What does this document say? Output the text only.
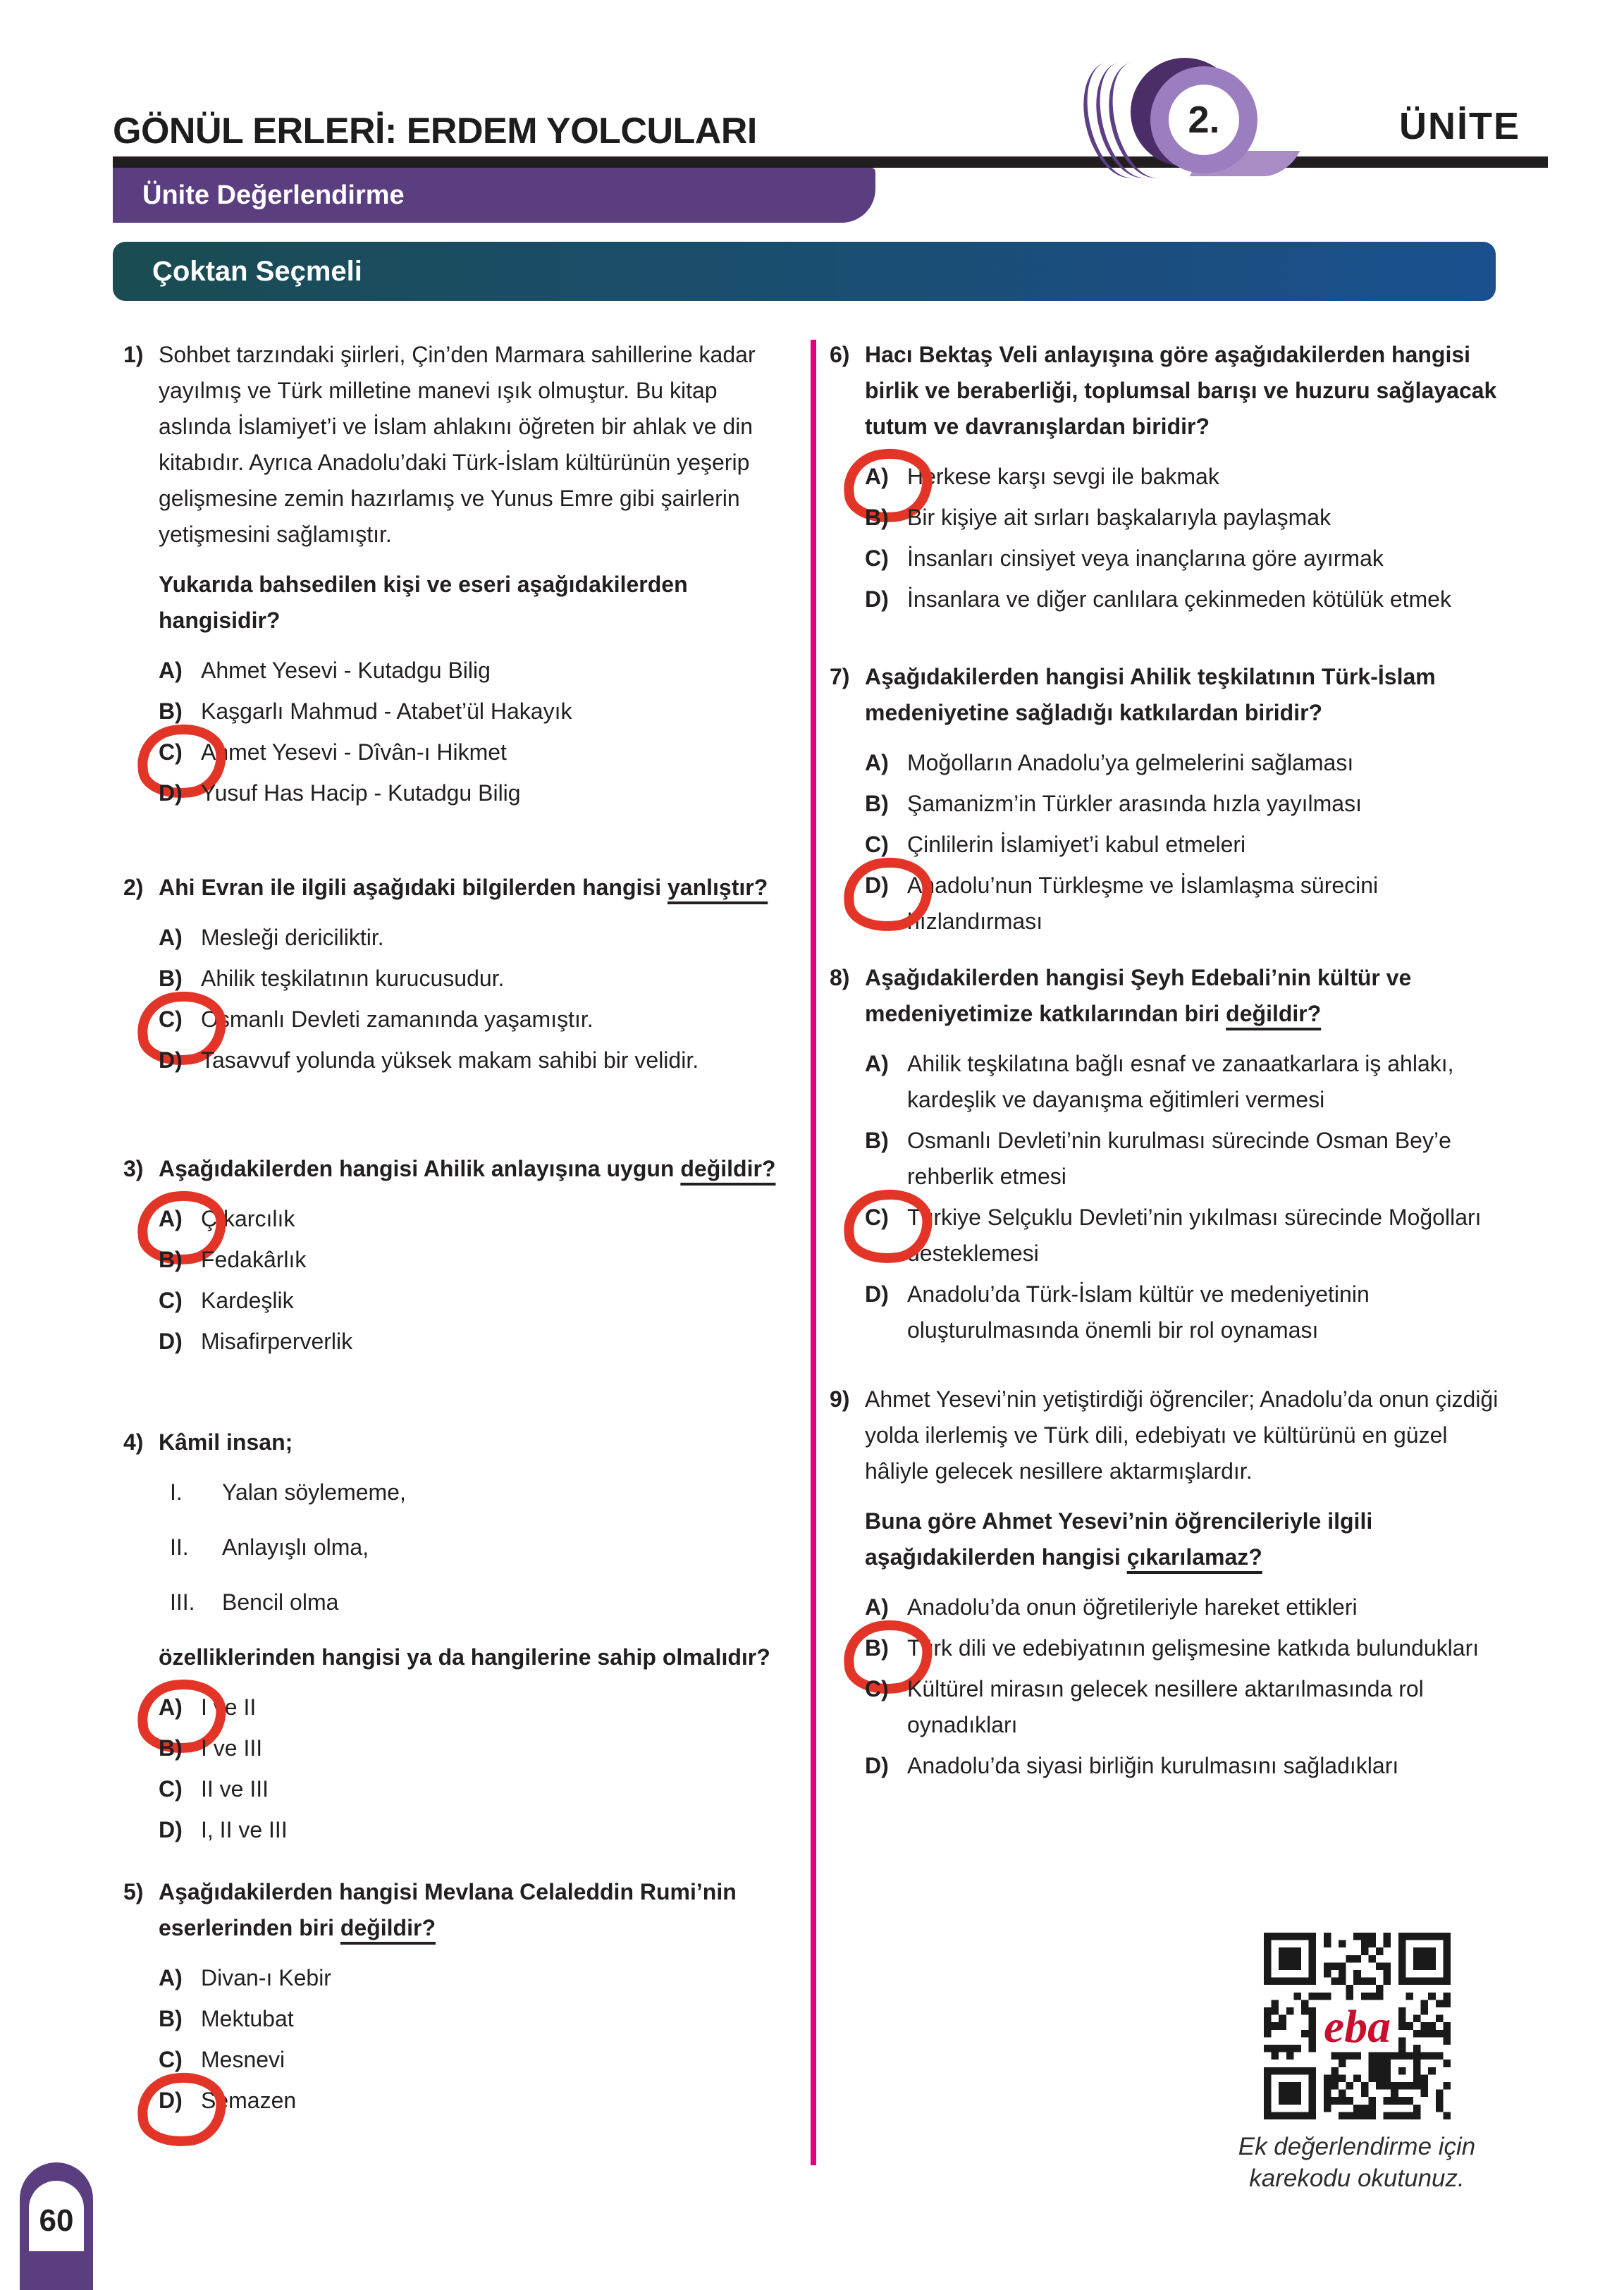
GÖNÜL ERLERİ: ERDEM YOLCULARI	2.	ÜNİTE
Ünite Değerlendirme
Çoktan Seçmeli
1) Sohbet tarzındaki şiirleri, Çin’den Marmara sahillerine kadar yayılmış ve Türk milletine manevi ışık olmuştur. Bu kitap aslında İslamiyet’i ve İslam ahlakını öğreten bir ahlak ve din kitabıdır. Ayrıca Anadolu’daki Türk-İslam kültürünün yeşerip gelişmesine zemin hazırlamış ve Yunus Emre gibi şairlerin yetişmesini sağlamıştır.
Yukarıda bahsedilen kişi ve eseri aşağıdakilerden hangisidir?
A) Ahmet Yesevi - Kutadgu Bilig
B) Kaşgarlı Mahmud - Atabet’ül Hakayık
C) Ahmet Yesevi - Dîvân-ı Hikmet
D) Yusuf Has Hacip - Kutadgu Bilig
2) Ahi Evran ile ilgili aşağıdaki bilgilerden hangisi yanlıştır?
A) Mesleği dericiliktir.
B) Ahilik teşkilatının kurucusudur.
C) Osmanlı Devleti zamanında yaşamıştır.
D) Tasavvuf yolunda yüksek makam sahibi bir velidir.
3) Aşağıdakilerden hangisi Ahilik anlayışına uygun değildir?
A) Çıkarcılık
B) Fedakârlık
C) Kardeşlik
D) Misafirperverlik
4) Kâmil insan;
I.	Yalan söylememe,
II.	Anlayışlı olma,
III.	Bencil olma
özelliklerinden hangisi ya da hangilerine sahip olmalıdır?
A) I ve II
B) I ve III
C) II ve III
D) I, II ve III
5) Aşağıdakilerden hangisi Mevlana Celaleddin Rumi’nin eserlerinden biri değildir?
A) Divan-ı Kebir
B) Mektubat
C) Mesnevi
D) Semazen
6) Hacı Bektaş Veli anlayışına göre aşağıdakilerden hangisi birlik ve beraberliği, toplumsal barışı ve huzuru sağlayacak tutum ve davranışlardan biridir?
A) Herkese karşı sevgi ile bakmak
B) Bir kişiye ait sırları başkalarıyla paylaşmak
C) İnsanları cinsiyet veya inançlarına göre ayırmak
D) İnsanlara ve diğer canlılara çekinmeden kötülük etmek
7) Aşağıdakilerden hangisi Ahilik teşkilatının Türk-İslam medeniyetine sağladığı katkılardan biridir?
A) Moğolların Anadolu’ya gelmelerini sağlaması
B) Şamanizm’in Türkler arasında hızla yayılması
C) Çinlilerin İslamiyet’i kabul etmeleri
D) Anadolu’nun Türkleşme ve İslamlaşma sürecini hızlandırması
8) Aşağıdakilerden hangisi Şeyh Edebali’nin kültür ve medeniyetimize katkılarından biri değildir?
A) Ahilik teşkilatına bağlı esnaf ve zanaatkarlara iş ahlakı, kardeşlik ve dayanışma eğitimleri vermesi
B) Osmanlı Devleti’nin kurulması sürecinde Osman Bey’e rehberlik etmesi
C) Türkiye Selçuklu Devleti’nin yıkılması sürecinde Moğolları desteklemesi
D) Anadolu’da Türk-İslam kültür ve medeniyetinin oluşturulmasında önemli bir rol oynaması
9) Ahmet Yesevi’nin yetiştirdiği öğrenciler; Anadolu’da onun çizdiği yolda ilerlemiş ve Türk dili, edebiyatı ve kültürünü en güzel hâliyle gelecek nesillere aktarmışlardır.
Buna göre Ahmet Yesevi’nin öğrencileriyle ilgili aşağıdakilerden hangisi çıkarılamaz?
A) Anadolu’da onun öğretileriyle hareket ettikleri
B) Türk dili ve edebiyatının gelişmesine katkıda bulundukları
C) Kültürel mirasın gelecek nesillere aktarılmasında rol oynadıkları
D) Anadolu’da siyasi birliğin kurulmasını sağladıkları
eba
Ek değerlendirme için
karekodu okutunuz.
60
